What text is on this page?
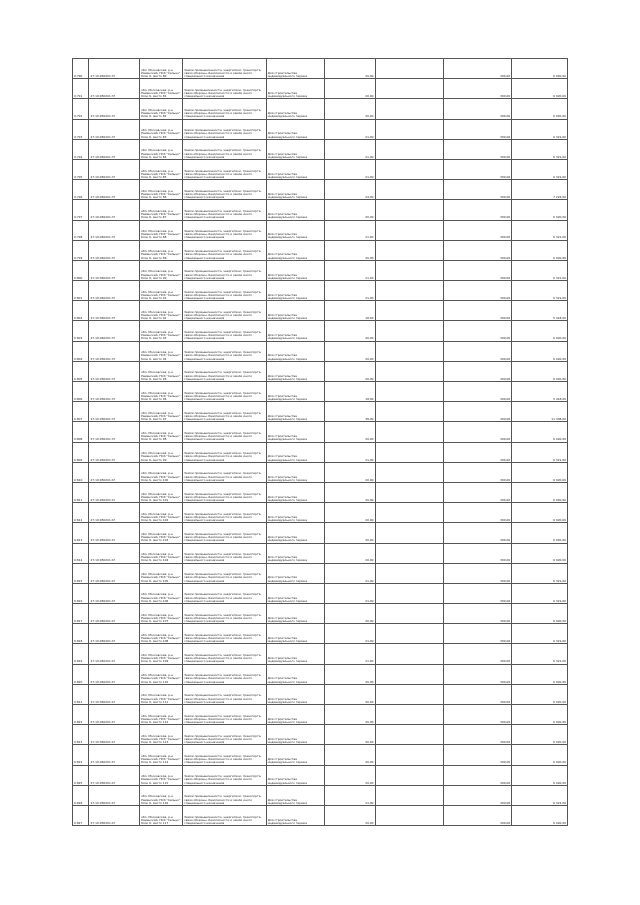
0:790	27:10:050201:3?	обл. Московская, р-н Раменский, ПСК "Сельцо" блок 6, место 80	Земли промышленности, энергетики, транспорта, связи обороны, безопасности и земли иного специального назначения	Для строительства индивидуального гаража	20,00		300,00	6 020,00
0:791	27:10:050201:3?	обл. Московская, р-н Раменский, ПСК "Сельцо" блок 6, место 81	Земли промышленности, энергетики, транспорта, связи обороны, безопасности и земли иного специального назначения	Для строительства индивидуального гаража	20,00		300,00	6 020,00
0:792	27:10:050201:3?	обл. Московская, р-н Раменский, ПСК "Сельцо" блок 6, место 82	Земли промышленности, энергетики, транспорта, связи обороны, безопасности и земли иного специального назначения	Для строительства индивидуального гаража	20,00		300,00	6 020,00
0:793	27:10:050201:3?	обл. Московская, р-н Раменский, ПСК "Сельцо" блок 6, место 83	Земли промышленности, энергетики, транспорта, связи обороны, безопасности и земли иного специального назначения	Для строительства индивидуального гаража	21,00		300,00	6 321,00
0:794	27:10:050201:3?	обл. Московская, р-н Раменский, ПСК "Сельцо" блок 6, место 84	Земли промышленности, энергетики, транспорта, связи обороны, безопасности и земли иного специального назначения	Для строительства индивидуального гаража	21,00		300,00	6 321,00
0:795	27:10:050201:3?	обл. Московская, р-н Раменский, ПСК "Сельцо" блок 6, место 85	Земли промышленности, энергетики, транспорта, связи обороны, безопасности и земли иного специального назначения	Для строительства индивидуального гаража	21,00		300,00	6 321,00
0:796	27:10:050201:3?	обл. Московская, р-н Раменский, ПСК "Сельцо" блок 6, место 86	Земли промышленности, энергетики, транспорта, связи обороны, безопасности и земли иного специального назначения	Для строительства индивидуального гаража	24,00		300,00	7 224,00
0:797	27:10:050201:3?	обл. Московская, р-н Раменский, ПСК "Сельцо" блок 6, место 87	Земли промышленности, энергетики, транспорта, связи обороны, безопасности и земли иного специального назначения	Для строительства индивидуального гаража	20,00		300,00	6 020,00
0:798	27:10:050201:3?	обл. Московская, р-н Раменский, ПСК "Сельцо" блок 6, место 88	Земли промышленности, энергетики, транспорта, связи обороны, безопасности и земли иного специального назначения	Для строительства индивидуального гаража	21,00		300,00	6 321,00
0:799	27:10:050201:3?	обл. Московская, р-н Раменский, ПСК "Сельцо" блок 6, место 89	Земли промышленности, энергетики, транспорта, связи обороны, безопасности и земли иного специального назначения	Для строительства индивидуального гаража	20,00		300,00	6 020,00
0:800	27:10:050201:3?	обл. Московская, р-н Раменский, ПСК "Сельцо" блок 6, место 90	Земли промышленности, энергетики, транспорта, связи обороны, безопасности и земли иного специального назначения	Для строительства индивидуального гаража	21,00		300,00	6 321,00
0:801	27:10:050201:3?	обл. Московская, р-н Раменский, ПСК "Сельцо" блок 6, место 91	Земли промышленности, энергетики, транспорта, связи обороны, безопасности и земли иного специального назначения	Для строительства индивидуального гаража	21,00		300,00	6 321,00
0:802	27:10:050201:3?	обл. Московская, р-н Раменский, ПСК "Сельцо" блок 6, место 92	Земли промышленности, энергетики, транспорта, связи обороны, безопасности и земли иного специального назначения	Для строительства индивидуального гаража	18,00		300,00	5 418,00
0:803	27:10:050201:3?	обл. Московская, р-н Раменский, ПСК "Сельцо" блок 6, место 93	Земли промышленности, энергетики, транспорта, связи обороны, безопасности и земли иного специального назначения	Для строительства индивидуального гаража	20,00		300,00	6 020,00
0:804	27:10:050201:3?	обл. Московская, р-н Раменский, ПСК "Сельцо" блок 6, место 94	Земли промышленности, энергетики, транспорта, связи обороны, безопасности и земли иного специального назначения	Для строительства индивидуального гаража	20,00		300,00	6 020,00
0:805	27:10:050201:3?	обл. Московская, р-н Раменский, ПСК "Сельцо" блок 6, место 95	Земли промышленности, энергетики, транспорта, связи обороны, безопасности и земли иного специального назначения	Для строительства индивидуального гаража	20,00		300,00	6 020,00
0:806	27:10:050201:3?	обл. Московская, р-н Раменский, ПСК "Сельцо" блок 6, место 96	Земли промышленности, энергетики, транспорта, связи обороны, безопасности и земли иного специального назначения	Для строительства индивидуального гаража	18,00		300,00	5 418,00
0:807	27:10:050201:3?	обл. Московская, р-н Раменский, ПСК "Сельцо" блок 6, место 97	Земли промышленности, энергетики, транспорта, связи обороны, безопасности и земли иного специального назначения	Для строительства индивидуального гаража	38,00		300,00	11 438,00
0:808	27:10:050201:3?	обл. Московская, р-н Раменский, ПСК "Сельцо" блок 6, место 98	Земли промышленности, энергетики, транспорта, связи обороны, безопасности и земли иного специального назначения	Для строительства индивидуального гаража	20,00		300,00	6 020,00
0:809	27:10:050201:3?	обл. Московская, р-н Раменский, ПСК "Сельцо" блок 6, место 99	Земли промышленности, энергетики, транспорта, связи обороны, безопасности и земли иного специального назначения	Для строительства индивидуального гаража	21,00		300,00	6 321,00
0:810	27:10:050201:4?	обл. Московская, р-н Раменский, ПСК "Сельцо" блок 6, место 100	Земли промышленности, энергетики, транспорта, связи обороны, безопасности и земли иного специального назначения	Для строительства индивидуального гаража	20,00		300,00	6 020,00
0:811	27:10:050201:4?	обл. Московская, р-н Раменский, ПСК "Сельцо" блок 6, место 101	Земли промышленности, энергетики, транспорта, связи обороны, безопасности и земли иного специального назначения	Для строительства индивидуального гаража	20,00		300,00	6 020,00
0:812	27:10:050201:4?	обл. Московская, р-н Раменский, ПСК "Сельцо" блок 6, место 102	Земли промышленности, энергетики, транспорта, связи обороны, безопасности и земли иного специального назначения	Для строительства индивидуального гаража	20,00		300,00	6 020,00
0:813	27:10:050201:4?	обл. Московская, р-н Раменский, ПСК "Сельцо" блок 6, место 103	Земли промышленности, энергетики, транспорта, связи обороны, безопасности и земли иного специального назначения	Для строительства индивидуального гаража	20,00		300,00	6 020,00
0:814	27:10:050201:4?	обл. Московская, р-н Раменский, ПСК "Сельцо" блок 6, место 104	Земли промышленности, энергетики, транспорта, связи обороны, безопасности и земли иного специального назначения	Для строительства индивидуального гаража	20,00		300,00	6 020,00
0:815	27:10:050201:4?	обл. Московская, р-н Раменский, ПСК "Сельцо" блок 6, место 105	Земли промышленности, энергетики, транспорта, связи обороны, безопасности и земли иного специального назначения	Для строительства индивидуального гаража	21,00		300,00	6 321,00
0:816	27:10:050201:4?	обл. Московская, р-н Раменский, ПСК "Сельцо" блок 6, место 106	Земли промышленности, энергетики, транспорта, связи обороны, безопасности и земли иного специального назначения	Для строительства индивидуального гаража	21,00		300,00	6 321,00
0:817	27:10:050201:4?	обл. Московская, р-н Раменский, ПСК "Сельцо" блок 6, место 107	Земли промышленности, энергетики, транспорта, связи обороны, безопасности и земли иного специального назначения	Для строительства индивидуального гаража	20,00		300,00	6 020,00
0:818	27:10:050201:4?	обл. Московская, р-н Раменский, ПСК "Сельцо" блок 6, место 108	Земли промышленности, энергетики, транспорта, связи обороны, безопасности и земли иного специального назначения	Для строительства индивидуального гаража	21,00		300,00	6 321,00
0:819	27:10:050201:4?	обл. Московская, р-н Раменский, ПСК "Сельцо" блок 6, место 109	Земли промышленности, энергетики, транспорта, связи обороны, безопасности и земли иного специального назначения	Для строительства индивидуального гаража	21,00		300,00	6 321,00
0:820	27:10:050201:4?	обл. Московская, р-н Раменский, ПСК "Сельцо" блок 6, место 110	Земли промышленности, энергетики, транспорта, связи обороны, безопасности и земли иного специального назначения	Для строительства индивидуального гаража	20,00		300,00	6 020,00
0:821	27:10:050201:4?	обл. Московская, р-н Раменский, ПСК "Сельцо" блок 6, место 111	Земли промышленности, энергетики, транспорта, связи обороны, безопасности и земли иного специального назначения	Для строительства индивидуального гаража	20,00		300,00	6 020,00
0:822	27:10:050201:4?	обл. Московская, р-н Раменский, ПСК "Сельцо" блок 6, место 112	Земли промышленности, энергетики, транспорта, связи обороны, безопасности и земли иного специального назначения	Для строительства индивидуального гаража	20,00		300,00	6 020,00
0:823	27:10:050201:4?	обл. Московская, р-н Раменский, ПСК "Сельцо" блок 6, место 113	Земли промышленности, энергетики, транспорта, связи обороны, безопасности и земли иного специального назначения	Для строительства индивидуального гаража	20,00		300,00	6 020,00
0:824	27:10:050201:4?	обл. Московская, р-н Раменский, ПСК "Сельцо" блок 6, место 114	Земли промышленности, энергетики, транспорта, связи обороны, безопасности и земли иного специального назначения	Для строительства индивидуального гаража	20,00		300,00	6 020,00
0:825	27:10:050201:4?	обл. Московская, р-н Раменский, ПСК "Сельцо" блок 6, место 115	Земли промышленности, энергетики, транспорта, связи обороны, безопасности и земли иного специального назначения	Для строительства индивидуального гаража	20,00		300,00	6 020,00
0:826	27:10:050201:4?	обл. Московская, р-н Раменский, ПСК "Сельцо" блок 6, место 116	Земли промышленности, энергетики, транспорта, связи обороны, безопасности и земли иного специального назначения	Для строительства индивидуального гаража	21,00		300,00	6 321,00
0:827	27:10:050201:4?	обл. Московская, р-н Раменский, ПСК "Сельцо" блок 6, место 117	Земли промышленности, энергетики, транспорта, связи обороны, безопасности и земли иного специального назначения	Для строительства индивидуального гаража	20,00		300,00	6 020,00
